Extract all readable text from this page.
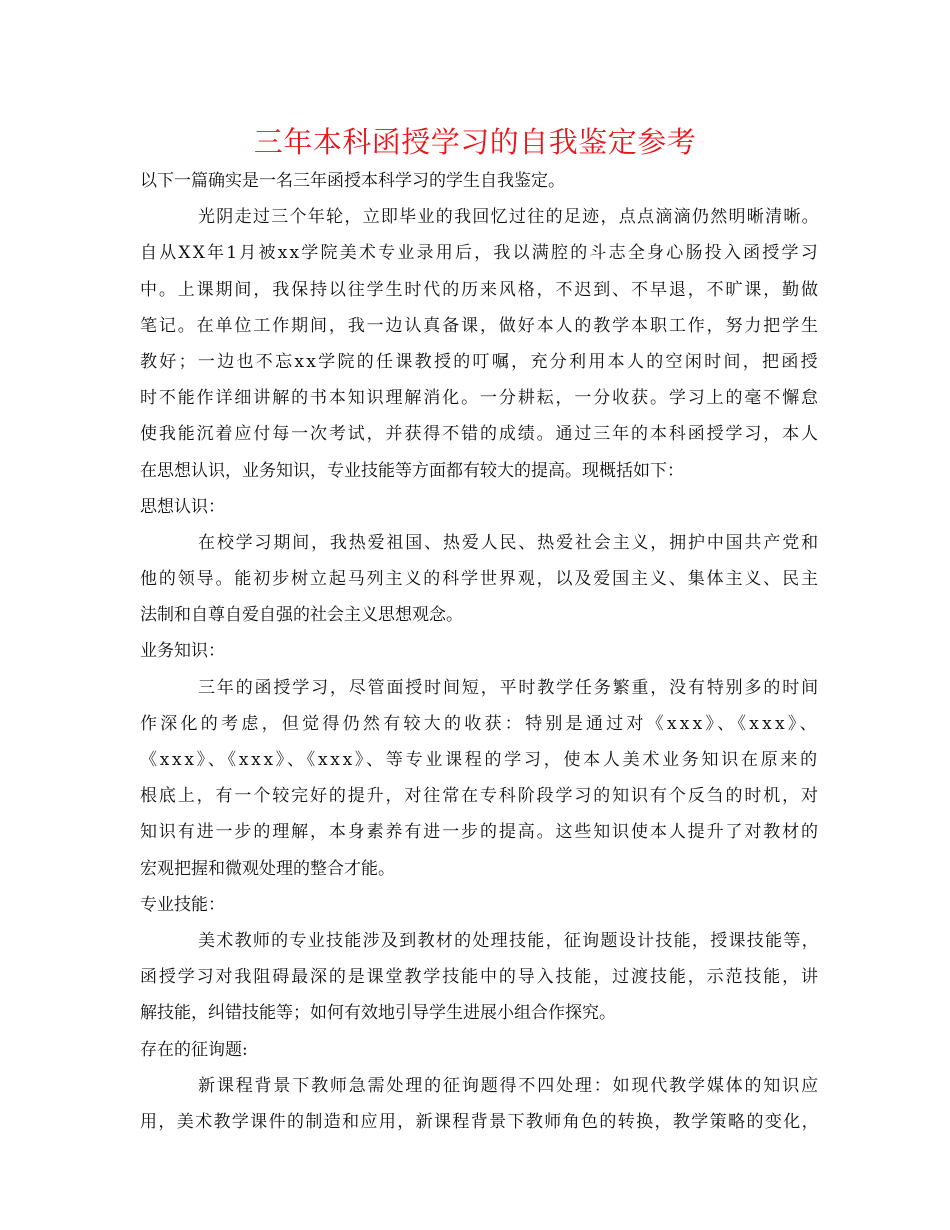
三年本科函授学习的自我鉴定参考
以下一篇确实是一名三年函授本科学习的学生自我鉴定。
光阴走过三个年轮，立即毕业的我回忆过往的足迹，点点滴滴仍然明晰清晰。
自从XX年1月被xx学院美术专业录用后，我以满腔的斗志全身心肠投入函授学习
中。上课期间，我保持以往学生时代的历来风格，不迟到、不早退，不旷课，勤做
笔记。在单位工作期间，我一边认真备课，做好本人的教学本职工作，努力把学生
教好；一边也不忘xx学院的任课教授的叮嘱，充分利用本人的空闲时间，把函授
时不能作详细讲解的书本知识理解消化。一分耕耘，一分收获。学习上的毫不懈怠
使我能沉着应付每一次考试，并获得不错的成绩。通过三年的本科函授学习，本人
在思想认识，业务知识，专业技能等方面都有较大的提高。现概括如下：
思想认识：
在校学习期间，我热爱祖国、热爱人民、热爱社会主义，拥护中国共产党和
他的领导。能初步树立起马列主义的科学世界观，以及爱国主义、集体主义、民主
法制和自尊自爱自强的社会主义思想观念。
业务知识：
三年的函授学习，尽管面授时间短，平时教学任务繁重，没有特别多的时间
作深化的考虑，但觉得仍然有较大的收获：特别是通过对《xxx》、《xxx》、
《xxx》、《xxx》、《xxx》、等专业课程的学习，使本人美术业务知识在原来的
根底上，有一个较完好的提升，对往常在专科阶段学习的知识有个反刍的时机，对
知识有进一步的理解，本身素养有进一步的提高。这些知识使本人提升了对教材的
宏观把握和微观处理的整合才能。
专业技能：
美术教师的专业技能涉及到教材的处理技能，征询题设计技能，授课技能等，
函授学习对我阻碍最深的是课堂教学技能中的导入技能，过渡技能，示范技能，讲
解技能，纠错技能等；如何有效地引导学生进展小组合作探究。
存在的征询题:
新课程背景下教师急需处理的征询题得不四处理：如现代教学媒体的知识应
用，美术教学课件的制造和应用，新课程背景下教师角色的转换，教学策略的变化，
